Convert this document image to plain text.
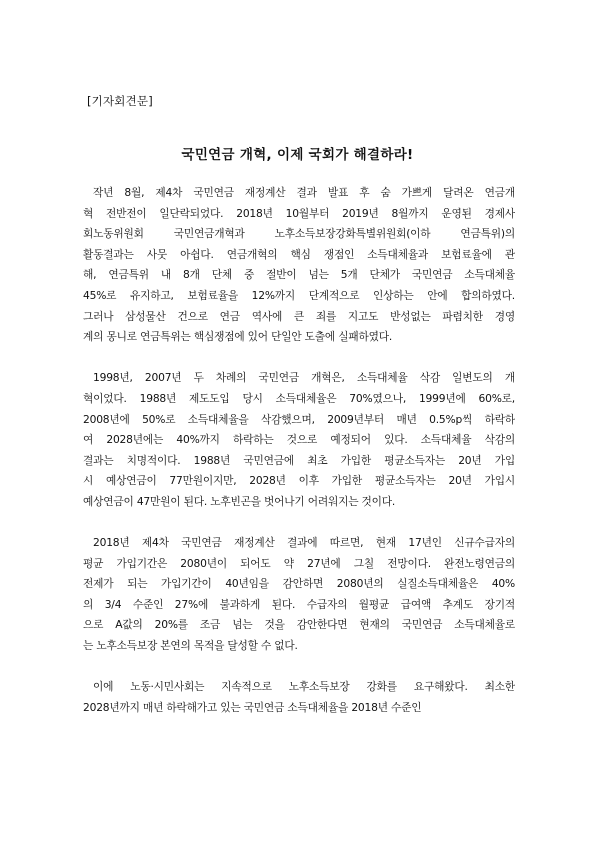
[기자회견문]
국민연금 개혁, 이제 국회가 해결하라!

작년 8월, 제4차 국민연금 재정계산 결과 발표 후 숨 가쁘게 달려온 연금개
혁 전반전이 일단락되었다. 2018년 10월부터 2019년 8월까지 운영된 경제사
회노동위원회 국민연금개혁과 노후소득보장강화특별위원회(이하 연금특위)의
활동결과는 사뭇 아쉽다. 연금개혁의 핵심 쟁점인 소득대체율과 보험료율에 관
해, 연금특위 내 8개 단체 중 절반이 넘는 5개 단체가 국민연금 소득대체율
45%로 유지하고, 보험료율을 12%까지 단계적으로 인상하는 안에 합의하였다.
그러나 삼성물산 건으로 연금 역사에 큰 죄를 지고도 반성없는 파렴치한 경영
계의 몽니로 연금특위는 핵심쟁점에 있어 단일안 도출에 실패하였다.

1998년, 2007년 두 차례의 국민연금 개혁은, 소득대체율 삭감 일변도의 개
혁이었다. 1988년 제도도입 당시 소득대체율은 70%였으나, 1999년에 60%로,
2008년에 50%로 소득대체율을 삭감했으며, 2009년부터 매년 0.5%p씩 하락하
여 2028년에는 40%까지 하락하는 것으로 예정되어 있다. 소득대체율 삭감의
결과는 치명적이다. 1988년 국민연금에 최초 가입한 평균소득자는 20년 가입
시 예상연금이 77만원이지만, 2028년 이후 가입한 평균소득자는 20년 가입시
예상연금이 47만원이 된다. 노후빈곤을 벗어나기 어려워지는 것이다.

2018년 제4차 국민연금 재정계산 결과에 따르면, 현재 17년인 신규수급자의
평균 가입기간은 2080년이 되어도 약 27년에 그칠 전망이다. 완전노령연금의
전제가 되는 가입기간이 40년임을 감안하면 2080년의 실질소득대체율은 40%
의 3/4 수준인 27%에 불과하게 된다. 수급자의 월평균 급여액 추계도 장기적
으로 A값의 20%를 조금 넘는 것을 감안한다면 현재의 국민연금 소득대체율로
는 노후소득보장 본연의 목적을 달성할 수 없다.

이에 노동·시민사회는 지속적으로 노후소득보장 강화를 요구해왔다. 최소한
2028년까지 매년 하락해가고 있는 국민연금 소득대체율을 2018년 수준인
